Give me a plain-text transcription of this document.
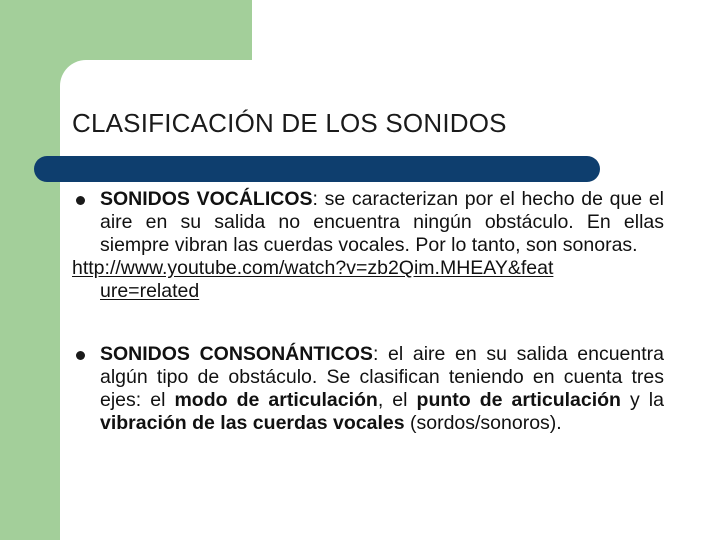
CLASIFICACIÓN DE LOS SONIDOS
SONIDOS VOCÁLICOS: se caracterizan por el hecho de que el aire en su salida no encuentra ningún obstáculo. En ellas siempre vibran las cuerdas vocales. Por lo tanto, son sonoras.
http://www.youtube.com/watch?v=zb2Qim.MHEAY&feat
ure=related
SONIDOS CONSONÁNTICOS: el aire en su salida encuentra algún tipo de obstáculo. Se clasifican teniendo en cuenta tres ejes: el modo de articulación, el punto de articulación y la vibración de las cuerdas vocales (sordos/sonoros).
